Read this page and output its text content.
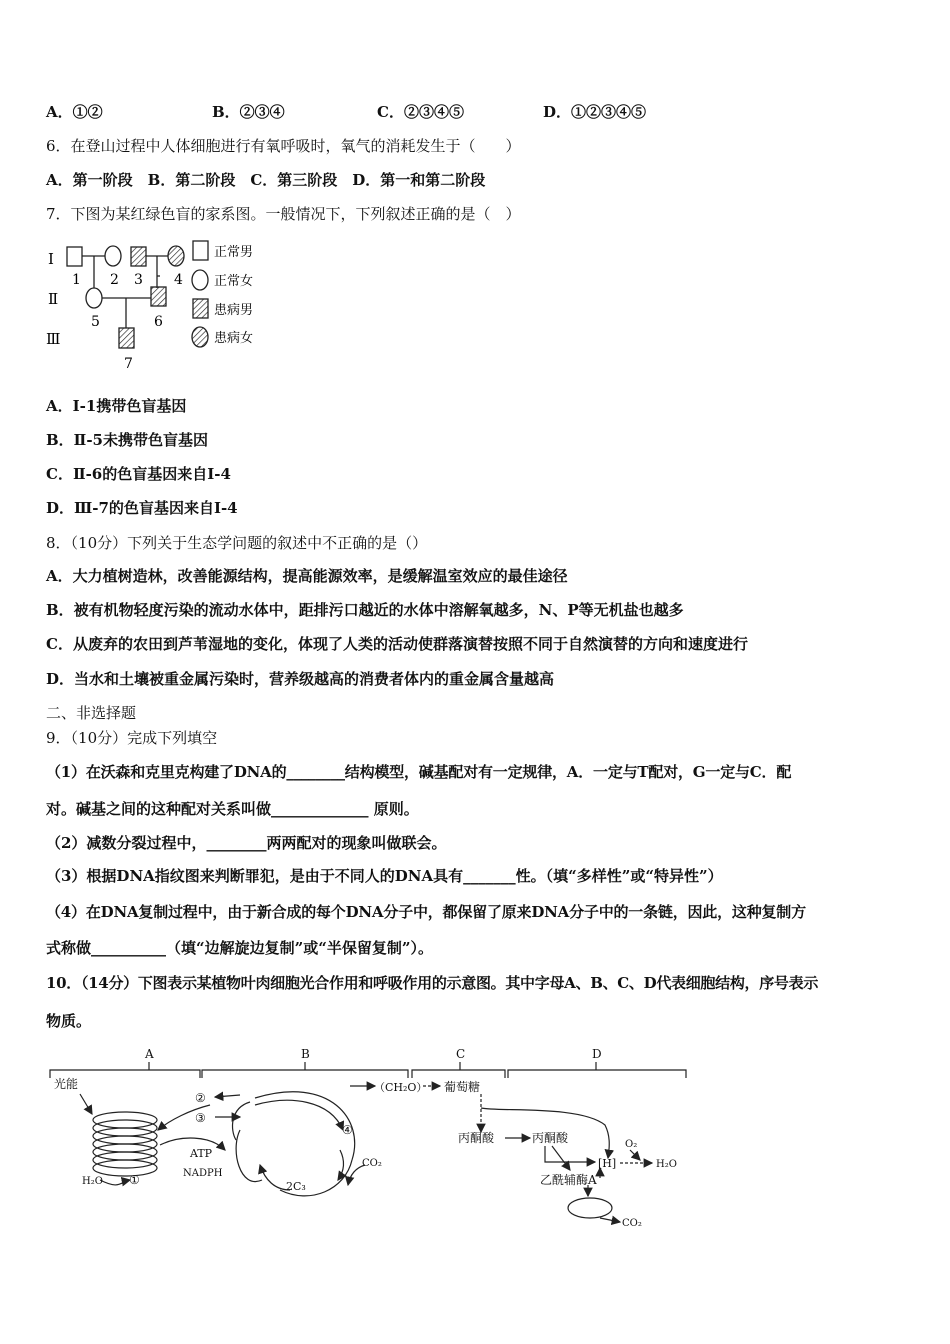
A．①②	B．②③④	C．②③④⑤	D．①②③④⑤
6．在登山过程中人体细胞进行有氧呼吸时，氧气的消耗发生于（　　）
A．第一阶段　B．第二阶段　C．第三阶段　D．第一和第二阶段
7．下图为某红绿色盲的家系图。一般情况下，下列叙述正确的是（　）
Ⅰ
Ⅱ
Ⅲ
1 2 3 4
5	6
7
正常男
正常女
患病男
患病女
A．Ⅰ-1携带色盲基因
B．Ⅱ-5未携带色盲基因
C．Ⅱ-6的色盲基因来自Ⅰ-4
D．Ⅲ-7的色盲基因来自Ⅰ-4
8．（10分）下列关于生态学问题的叙述中不正确的是（）
A．大力植树造林，改善能源结构，提高能源效率，是缓解温室效应的最佳途径
B．被有机物轻度污染的流动水体中，距排污口越近的水体中溶解氧越多，N、P等无机盐也越多
C．从废弃的农田到芦苇湿地的变化，体现了人类的活动使群落演替按照不同于自然演替的方向和速度进行
D．当水和土壤被重金属污染时，营养级越高的消费者体内的重金属含量越高
二、非选择题
9．（10分）完成下列填空
（1）在沃森和克里克构建了DNA的________结构模型，碱基配对有一定规律，A．一定与T配对，G一定与C．配
对。碱基之间的这种配对关系叫做_____________ 原则。
（2）减数分裂过程中，________两两配对的现象叫做联会。
（3）根据DNA指纹图来判断罪犯，是由于不同人的DNA具有_______性。（填“多样性”或“特异性”）
（4）在DNA复制过程中，由于新合成的每个DNA分子中，都保留了原来DNA分子中的一条链，因此，这种复制方
式称做__________（填“边解旋边复制”或“半保留复制”）。
10．（14分）下图表示某植物叶肉细胞光合作用和呼吸作用的示意图。其中字母A、B、C、D代表细胞结构，序号表示
物质。
A	B	C	D
光能
H₂O ①
②
③
④
ATP
NADPH
2C₃
CO₂
（CH₂O） 葡萄糖
丙酮酸	丙酮酸
[H]
O₂
H₂O
乙酰辅酶A
CO₂
